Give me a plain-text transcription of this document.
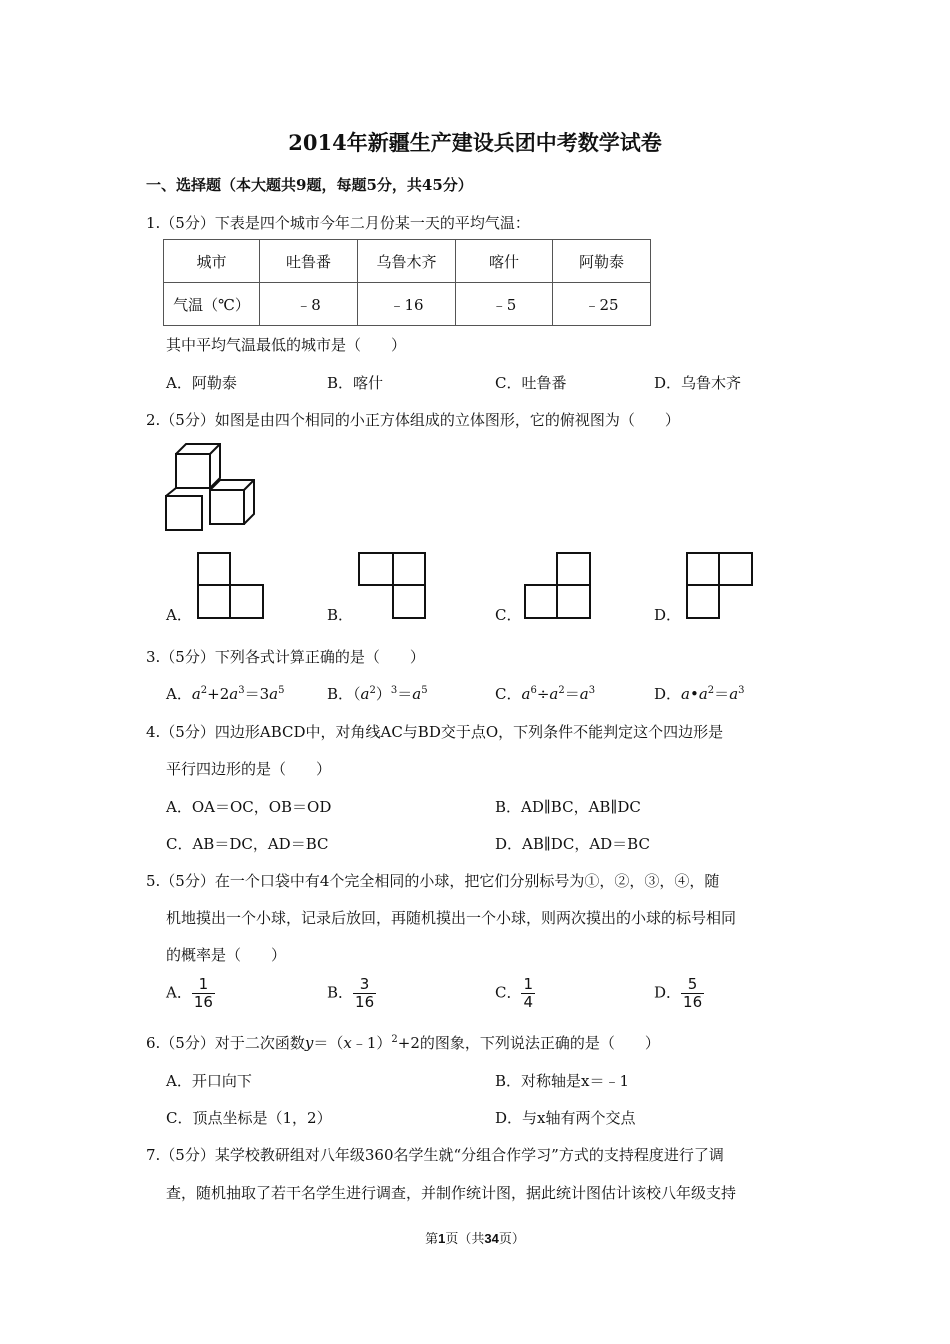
2014年新疆生产建设兵团中考数学试卷
一、选择题（本大题共9题，每题5分，共45分）
1.（5分）下表是四个城市今年二月份某一天的平均气温：
城市	吐鲁番	乌鲁木齐	喀什	阿勒泰
气温（℃）	﹣8	﹣16	﹣5	﹣25
其中平均气温最低的城市是（　　）
A．阿勒泰	B．喀什	C．吐鲁番	D．乌鲁木齐
2.（5分）如图是由四个相同的小正方体组成的立体图形，它的俯视图为（　　）
A．	B．	C．	D．
3.（5分）下列各式计算正确的是（　　）
A．$a^2+2a^3=3a^5$	B．$(a^2)^3=a^5$	C．$a^6\div a^2=a^3$	D．$a•a^2=a^3$
4.（5分）四边形ABCD中，对角线AC与BD交于点O，下列条件不能判定这个四边形是
平行四边形的是（　　）
A．OA＝OC，OB＝OD	B．AD∥BC，AB∥DC
C．AB＝DC，AD＝BC	D．AB∥DC，AD＝BC
5.（5分）在一个口袋中有4个完全相同的小球，把它们分别标号为①，②，③，④，随
机地摸出一个小球，记录后放回，再随机摸出一个小球，则两次摸出的小球的标号相同
的概率是（　　）
A． $\frac{1}{16}$	B． $\frac{3}{16}$	C． $\frac{1}{4}$	D． $\frac{5}{16}$
6.（5分）对于二次函数y＝（x﹣1）$^2$+2的图象，下列说法正确的是（　　）
A．开口向下	B．对称轴是x＝﹣1
C．顶点坐标是（1，2）	D．与x轴有两个交点
7.（5分）某学校教研组对八年级360名学生就“分组合作学习”方式的支持程度进行了调
查，随机抽取了若干名学生进行调查，并制作统计图，据此统计图估计该校八年级支持
第1页（共34页）
